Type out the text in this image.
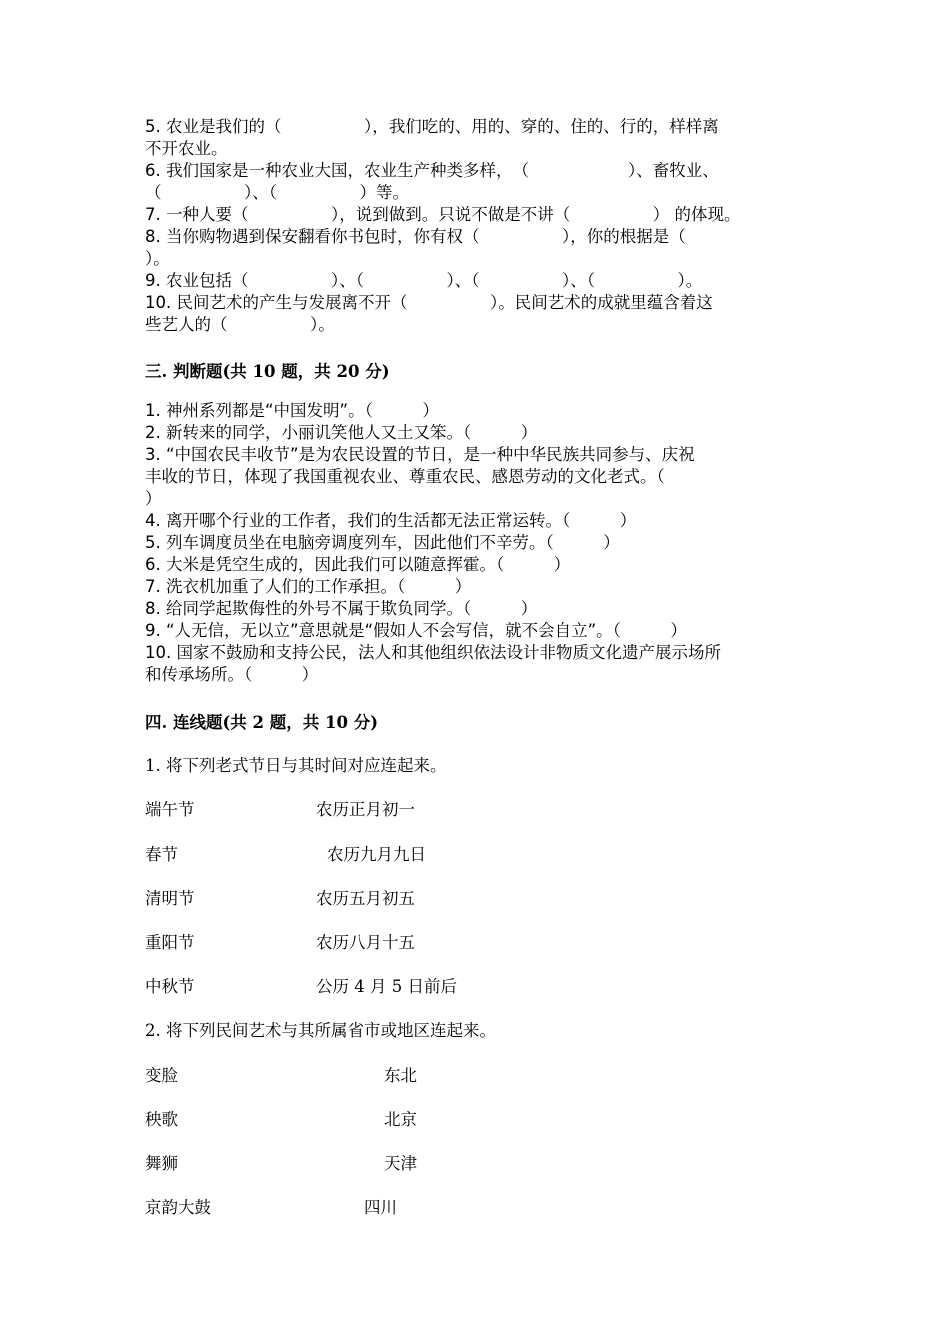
5. 农业是我们的（　　　　　），我们吃的、用的、穿的、住的、行的，样样离
不开农业。
6. 我们国家是一种农业大国，农业生产种类多样，　（　　　　　　）、畜牧业、
（　　　　　）、（　　　　　）等。
7. 一种人要（　　　　　），说到做到。只说不做是不讲（　　　　　） 的体现。
8. 当你购物遇到保安翻看你书包时，你有权（　　　　　），你的根据是（
）。
9. 农业包括（　　　　　）、（　　　　　）、（　　　　　）、（　　　　　）。
10. 民间艺术的产生与发展离不开（　　　　　）。民间艺术的成就里蕴含着这
些艺人的（　　　　　）。
三. 判断题(共 10 题，共 20 分)
1. 神州系列都是“中国发明”。（　　　）
2. 新转来的同学，小丽讥笑他人又土又笨。（　　　）
3. “中国农民丰收节”是为农民设置的节日，是一种中华民族共同参与、庆祝
丰收的节日，体现了我国重视农业、尊重农民、感恩劳动的文化老式。（
）
4. 离开哪个行业的工作者，我们的生活都无法正常运转。（　　　）
5. 列车调度员坐在电脑旁调度列车，因此他们不辛劳。（　　　）
6. 大米是凭空生成的，因此我们可以随意挥霍。（　　　）
7. 洗衣机加重了人们的工作承担。（　　　）
8. 给同学起欺侮性的外号不属于欺负同学。（　　　）
9. “人无信，无以立”意思就是“假如人不会写信，就不会自立”。（　　　）
10. 国家不鼓励和支持公民，法人和其他组织依法设计非物质文化遗产展示场所
和传承场所。（　　　）
四. 连线题(共 2 题，共 10 分)
1. 将下列老式节日与其时间对应连起来。
端午节	农历正月初一
春节	农历九月九日
清明节	农历五月初五
重阳节	农历八月十五
中秋节	公历 4 月 5 日前后
2. 将下列民间艺术与其所属省市或地区连起来。
变脸	东北
秧歌	北京
舞狮	天津
京韵大鼓	四川
